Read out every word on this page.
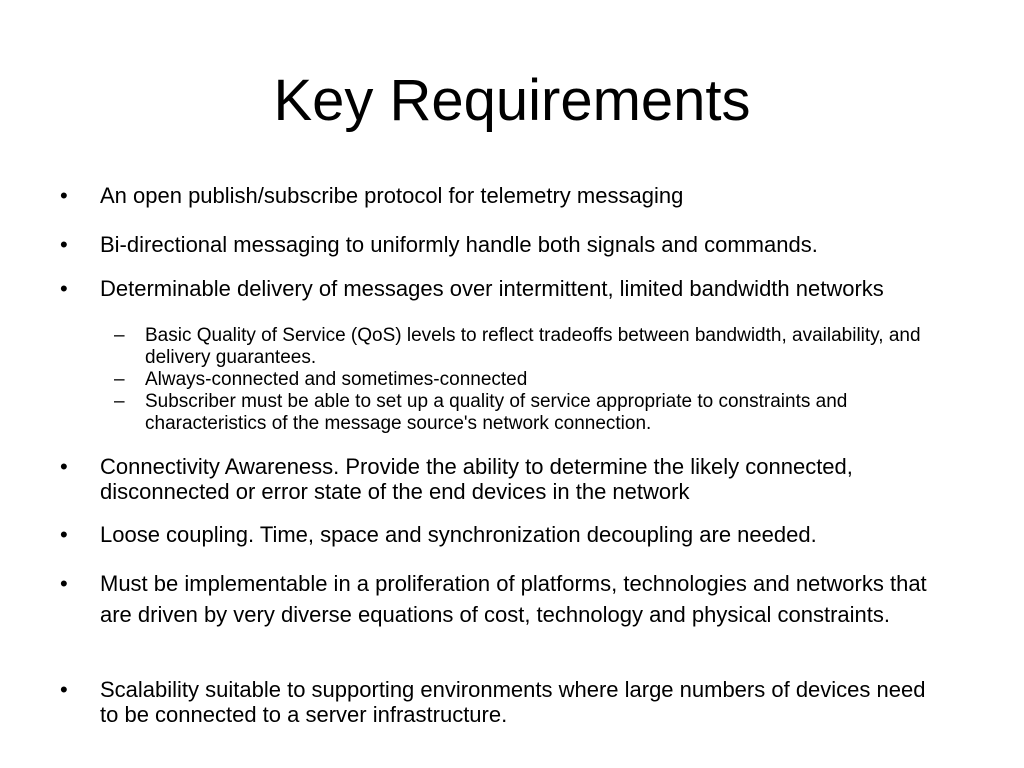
Key Requirements
•	An open publish/subscribe protocol for telemetry messaging
•	Bi-directional messaging to uniformly handle both signals and commands.
•	Determinable delivery of messages over intermittent, limited bandwidth networks
– Basic Quality of Service (QoS) levels to reflect tradeoffs between bandwidth, availability, and delivery guarantees.
– Always-connected and sometimes-connected
– Subscriber must be able to set up a quality of service appropriate to constraints and characteristics of the message source's network connection.
•	Connectivity Awareness. Provide the ability to determine the likely connected, disconnected or error state of the end devices in the network
•	Loose coupling. Time, space and synchronization decoupling are needed.
•	Must be implementable in a proliferation of platforms, technologies and networks that are driven by very diverse equations of cost, technology and physical constraints.
•	Scalability suitable to supporting environments where large numbers of devices need to be connected to a server infrastructure.
